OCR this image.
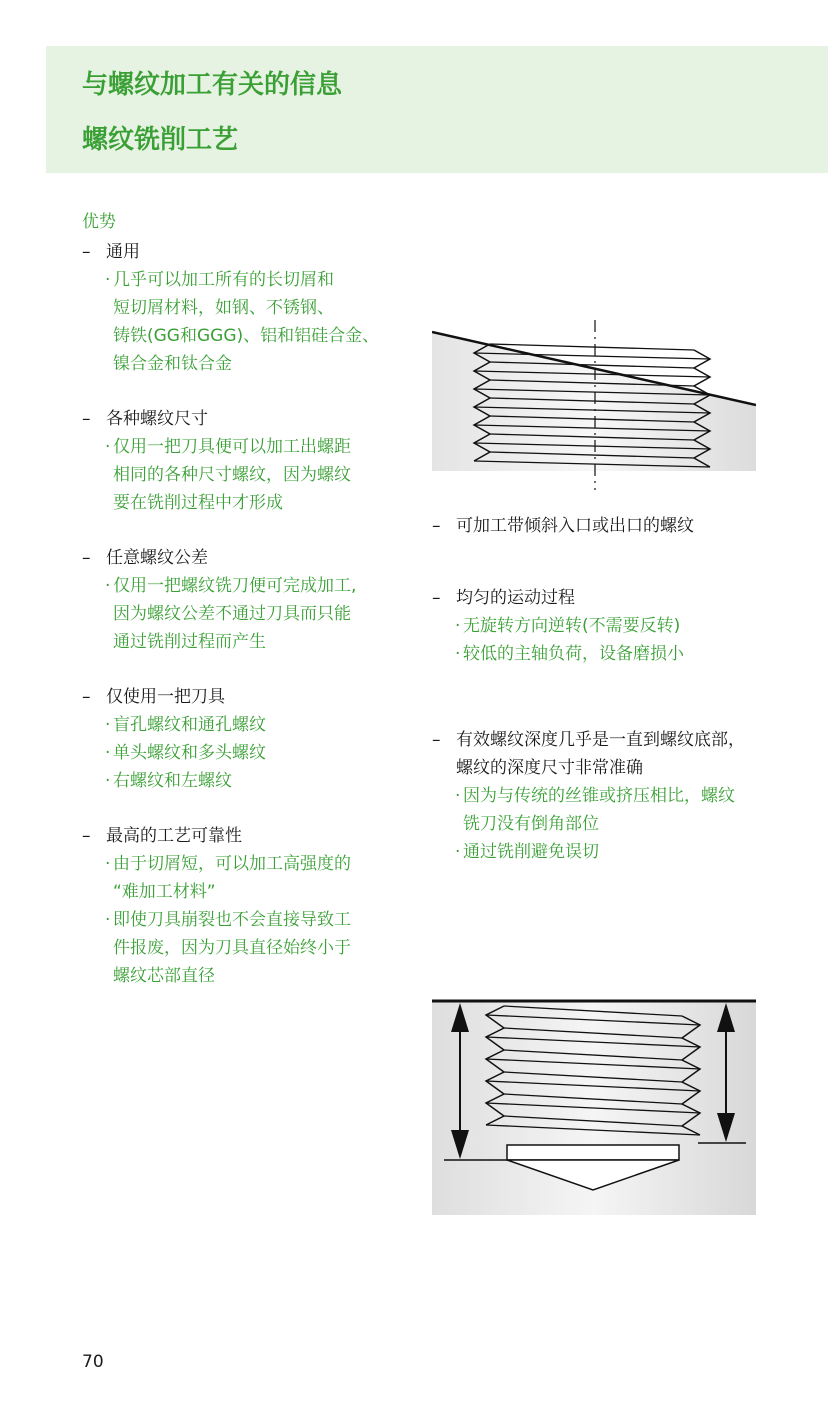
与螺纹加工有关的信息
螺纹铣削工艺
优势
– 通用
· 几乎可以加工所有的长切屑和
短切屑材料，如钢、不锈钢、
铸铁(GG和GGG)、铝和铝硅合金、
镍合金和钛合金
– 各种螺纹尺寸
· 仅用一把刀具便可以加工出螺距
相同的各种尺寸螺纹，因为螺纹
要在铣削过程中才形成
– 任意螺纹公差
· 仅用一把螺纹铣刀便可完成加工,
因为螺纹公差不通过刀具而只能
通过铣削过程而产生
– 仅使用一把刀具
· 盲孔螺纹和通孔螺纹
· 单头螺纹和多头螺纹
· 右螺纹和左螺纹
– 最高的工艺可靠性
· 由于切屑短，可以加工高强度的
“难加工材料”
· 即使刀具崩裂也不会直接导致工
件报废，因为刀具直径始终小于
螺纹芯部直径
– 可加工带倾斜入口或出口的螺纹
– 均匀的运动过程
· 无旋转方向逆转(不需要反转)
· 较低的主轴负荷，设备磨损小
– 有效螺纹深度几乎是一直到螺纹底部，
螺纹的深度尺寸非常准确
· 因为与传统的丝锥或挤压相比，螺纹
铣刀没有倒角部位
· 通过铣削避免误切
70
